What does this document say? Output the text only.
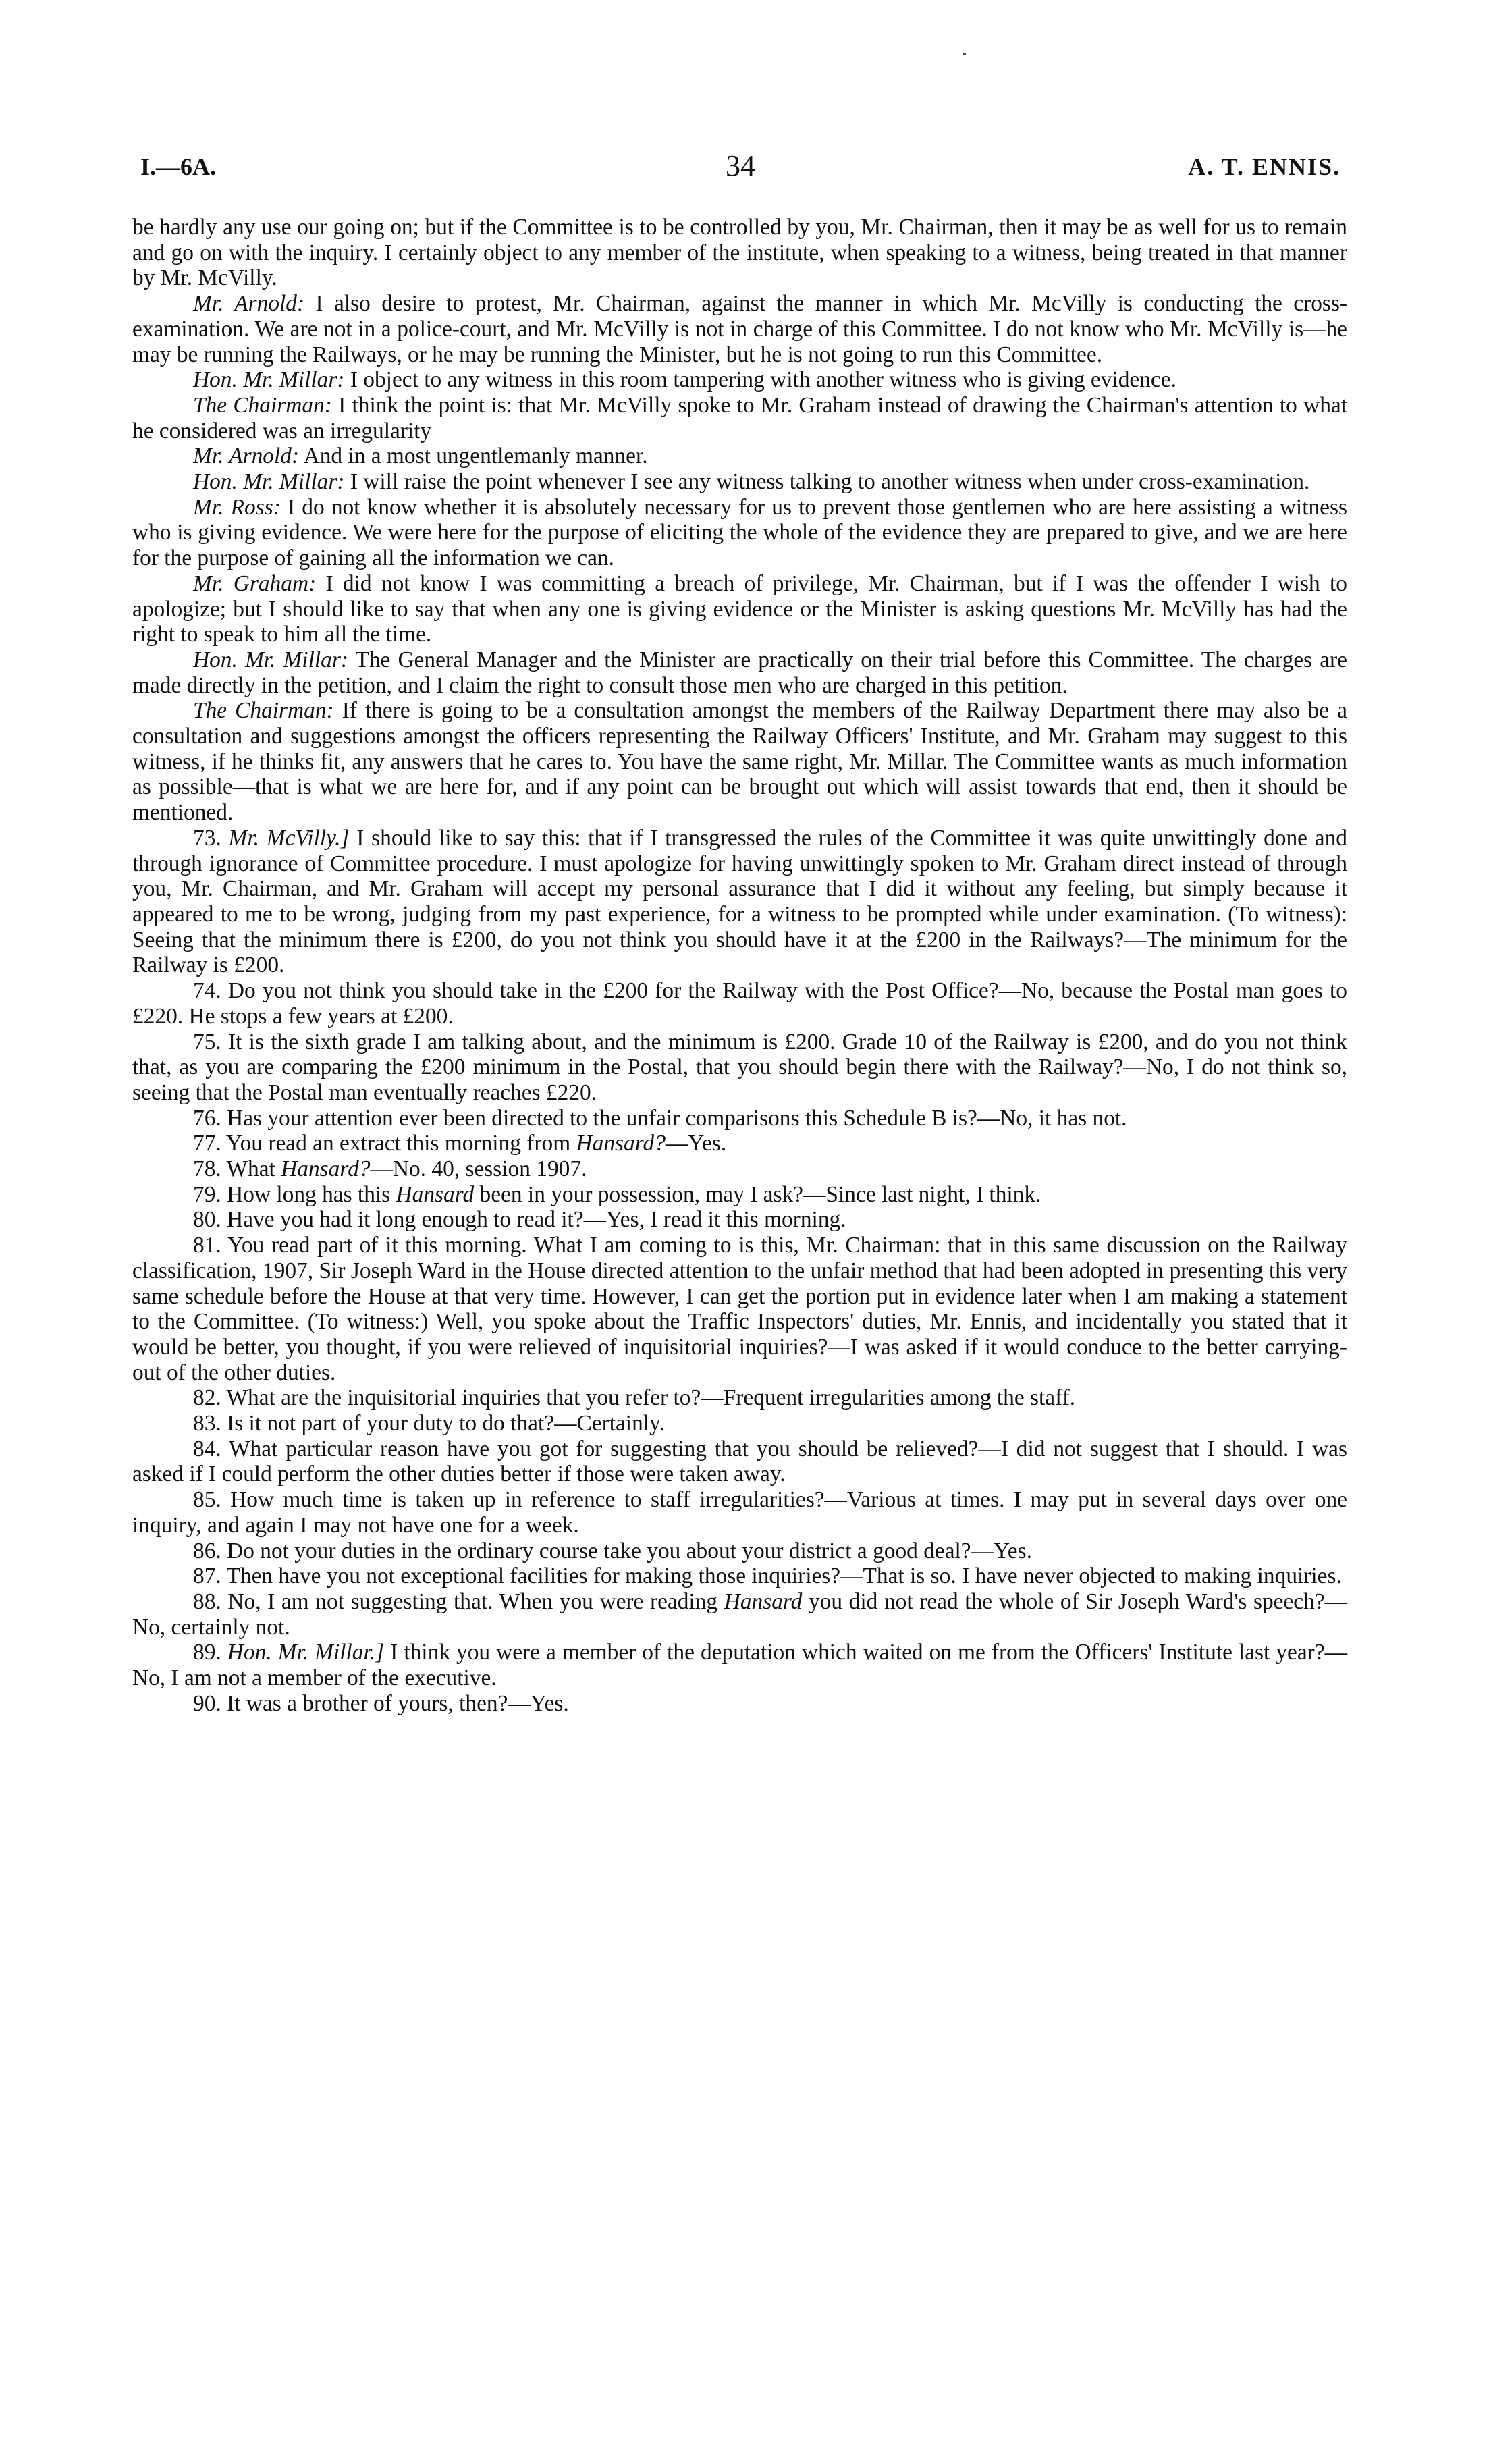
I.—6A.	34	A. T. ENNIS.

be hardly any use our going on; but if the Committee is to be controlled by you, Mr. Chairman, then it may be as well for us to remain and go on with the inquiry. I certainly object to any member of the institute, when speaking to a witness, being treated in that manner by Mr. McVilly.

Mr. Arnold: I also desire to protest, Mr. Chairman, against the manner in which Mr. McVilly is conducting the cross-examination. We are not in a police-court, and Mr. McVilly is not in charge of this Committee. I do not know who Mr. McVilly is—he may be running the Railways, or he may be running the Minister, but he is not going to run this Committee.

Hon. Mr. Millar: I object to any witness in this room tampering with another witness who is giving evidence.

The Chairman: I think the point is: that Mr. McVilly spoke to Mr. Graham instead of drawing the Chairman's attention to what he considered was an irregularity

Mr. Arnold: And in a most ungentlemanly manner.

Hon. Mr. Millar: I will raise the point whenever I see any witness talking to another witness when under cross-examination.

Mr. Ross: I do not know whether it is absolutely necessary for us to prevent those gentlemen who are here assisting a witness who is giving evidence. We were here for the purpose of eliciting the whole of the evidence they are prepared to give, and we are here for the purpose of gaining all the information we can.

Mr. Graham: I did not know I was committing a breach of privilege, Mr. Chairman, but if I was the offender I wish to apologize; but I should like to say that when any one is giving evidence or the Minister is asking questions Mr. McVilly has had the right to speak to him all the time.

Hon. Mr. Millar: The General Manager and the Minister are practically on their trial before this Committee. The charges are made directly in the petition, and I claim the right to consult those men who are charged in this petition.

The Chairman: If there is going to be a consultation amongst the members of the Railway Department there may also be a consultation and suggestions amongst the officers representing the Railway Officers' Institute, and Mr. Graham may suggest to this witness, if he thinks fit, any answers that he cares to. You have the same right, Mr. Millar. The Committee wants as much information as possible—that is what we are here for, and if any point can be brought out which will assist towards that end, then it should be mentioned.

73. Mr. McVilly.] I should like to say this: that if I transgressed the rules of the Committee it was quite unwittingly done and through ignorance of Committee procedure. I must apologize for having unwittingly spoken to Mr. Graham direct instead of through you, Mr. Chairman, and Mr. Graham will accept my personal assurance that I did it without any feeling, but simply because it appeared to me to be wrong, judging from my past experience, for a witness to be prompted while under examination. (To witness): Seeing that the minimum there is £200, do you not think you should have it at the £200 in the Railways?—The minimum for the Railway is £200.

74. Do you not think you should take in the £200 for the Railway with the Post Office?—No, because the Postal man goes to £220. He stops a few years at £200.

75. It is the sixth grade I am talking about, and the minimum is £200. Grade 10 of the Railway is £200, and do you not think that, as you are comparing the £200 minimum in the Postal, that you should begin there with the Railway?—No, I do not think so, seeing that the Postal man eventually reaches £220.

76. Has your attention ever been directed to the unfair comparisons this Schedule B is?—No, it has not.

77. You read an extract this morning from Hansard?—Yes.

78. What Hansard?—No. 40, session 1907.

79. How long has this Hansard been in your possession, may I ask?—Since last night, I think.

80. Have you had it long enough to read it?—Yes, I read it this morning.

81. You read part of it this morning. What I am coming to is this, Mr. Chairman: that in this same discussion on the Railway classification, 1907, Sir Joseph Ward in the House directed attention to the unfair method that had been adopted in presenting this very same schedule before the House at that very time. However, I can get the portion put in evidence later when I am making a statement to the Committee. (To witness:) Well, you spoke about the Traffic Inspectors' duties, Mr. Ennis, and incidentally you stated that it would be better, you thought, if you were relieved of inquisitorial inquiries?—I was asked if it would conduce to the better carrying-out of the other duties.

82. What are the inquisitorial inquiries that you refer to?—Frequent irregularities among the staff.

83. Is it not part of your duty to do that?—Certainly.

84. What particular reason have you got for suggesting that you should be relieved?—I did not suggest that I should. I was asked if I could perform the other duties better if those were taken away.

85. How much time is taken up in reference to staff irregularities?—Various at times. I may put in several days over one inquiry, and again I may not have one for a week.

86. Do not your duties in the ordinary course take you about your district a good deal?—Yes.

87. Then have you not exceptional facilities for making those inquiries?—That is so. I have never objected to making inquiries.

88. No, I am not suggesting that. When you were reading Hansard you did not read the whole of Sir Joseph Ward's speech?—No, certainly not.

89. Hon. Mr. Millar.] I think you were a member of the deputation which waited on me from the Officers' Institute last year?—No, I am not a member of the executive.

90. It was a brother of yours, then?—Yes.
